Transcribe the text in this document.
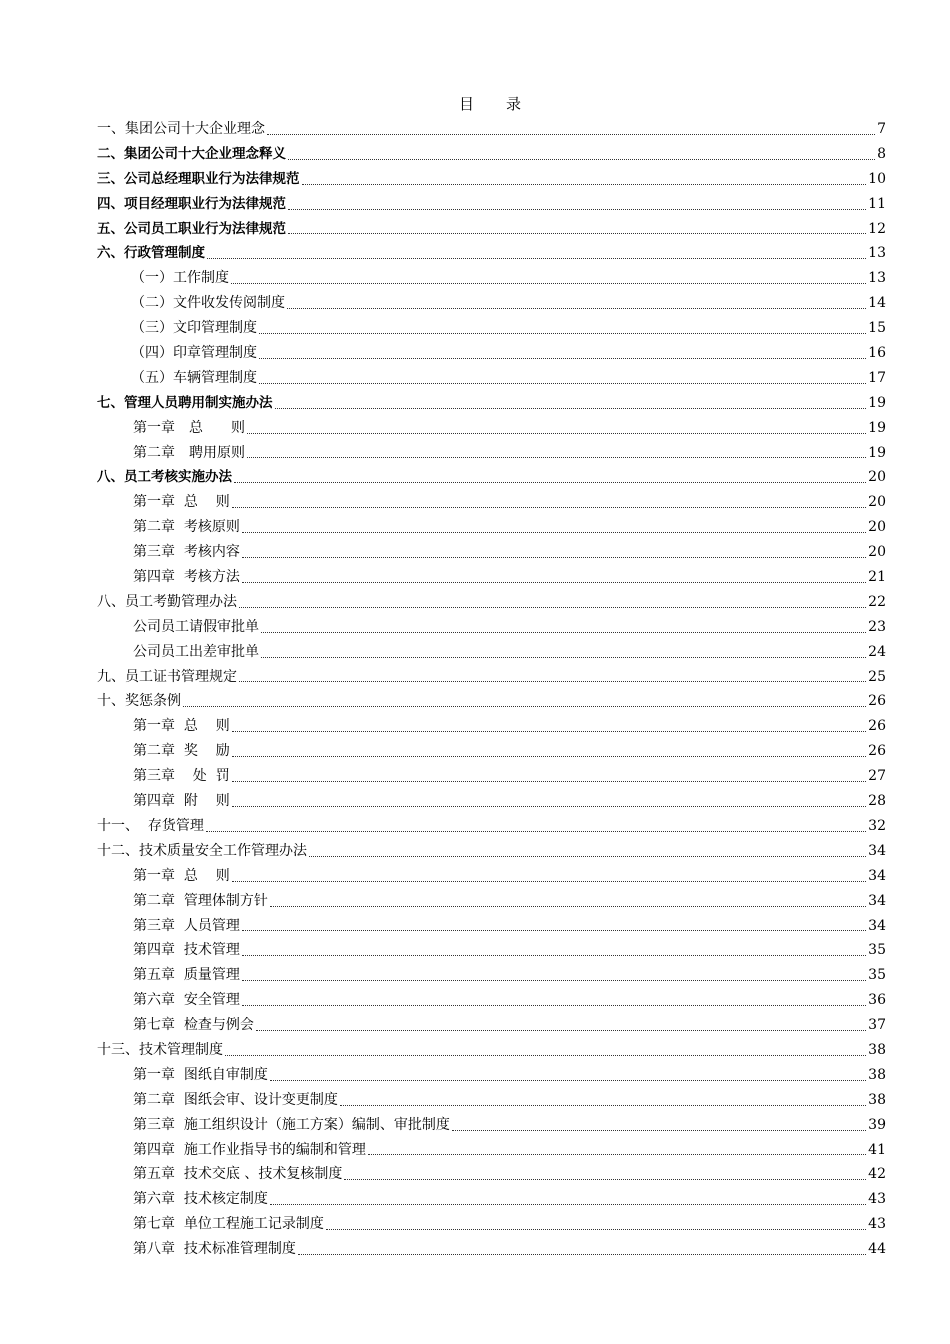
目 录
一、集团公司十大企业理念	7
二、集团公司十大企业理念释义	8
三、公司总经理职业行为法律规范	10
四、项目经理职业行为法律规范	11
五、公司员工职业行为法律规范	12
六、行政管理制度	13
（一）工作制度	13
（二）文件收发传阅制度	14
（三）文印管理制度	15
（四）印章管理制度	16
（五）车辆管理制度	17
七、管理人员聘用制实施办法	19
第一章　总　　则	19
第二章　聘用原则	19
八、员工考核实施办法	20
第一章  总    则	20
第二章  考核原则	20
第三章  考核内容	20
第四章  考核方法	21
八、员工考勤管理办法	22
公司员工请假审批单	23
公司员工出差审批单	24
九、员工证书管理规定	25
十、奖惩条例	26
第一章  总    则	26
第二章  奖    励	26
第三章    处  罚	27
第四章  附    则	28
十一、  存货管理	32
十二、技术质量安全工作管理办法	34
第一章  总    则	34
第二章  管理体制方针	34
第三章  人员管理	34
第四章  技术管理	35
第五章  质量管理	35
第六章  安全管理	36
第七章  检查与例会	37
十三、技术管理制度	38
第一章  图纸自审制度	38
第二章  图纸会审、设计变更制度	38
第三章  施工组织设计（施工方案）编制、审批制度	39
第四章  施工作业指导书的编制和管理	41
第五章  技术交底 、技术复核制度	42
第六章  技术核定制度	43
第七章  单位工程施工记录制度	43
第八章  技术标准管理制度	44
